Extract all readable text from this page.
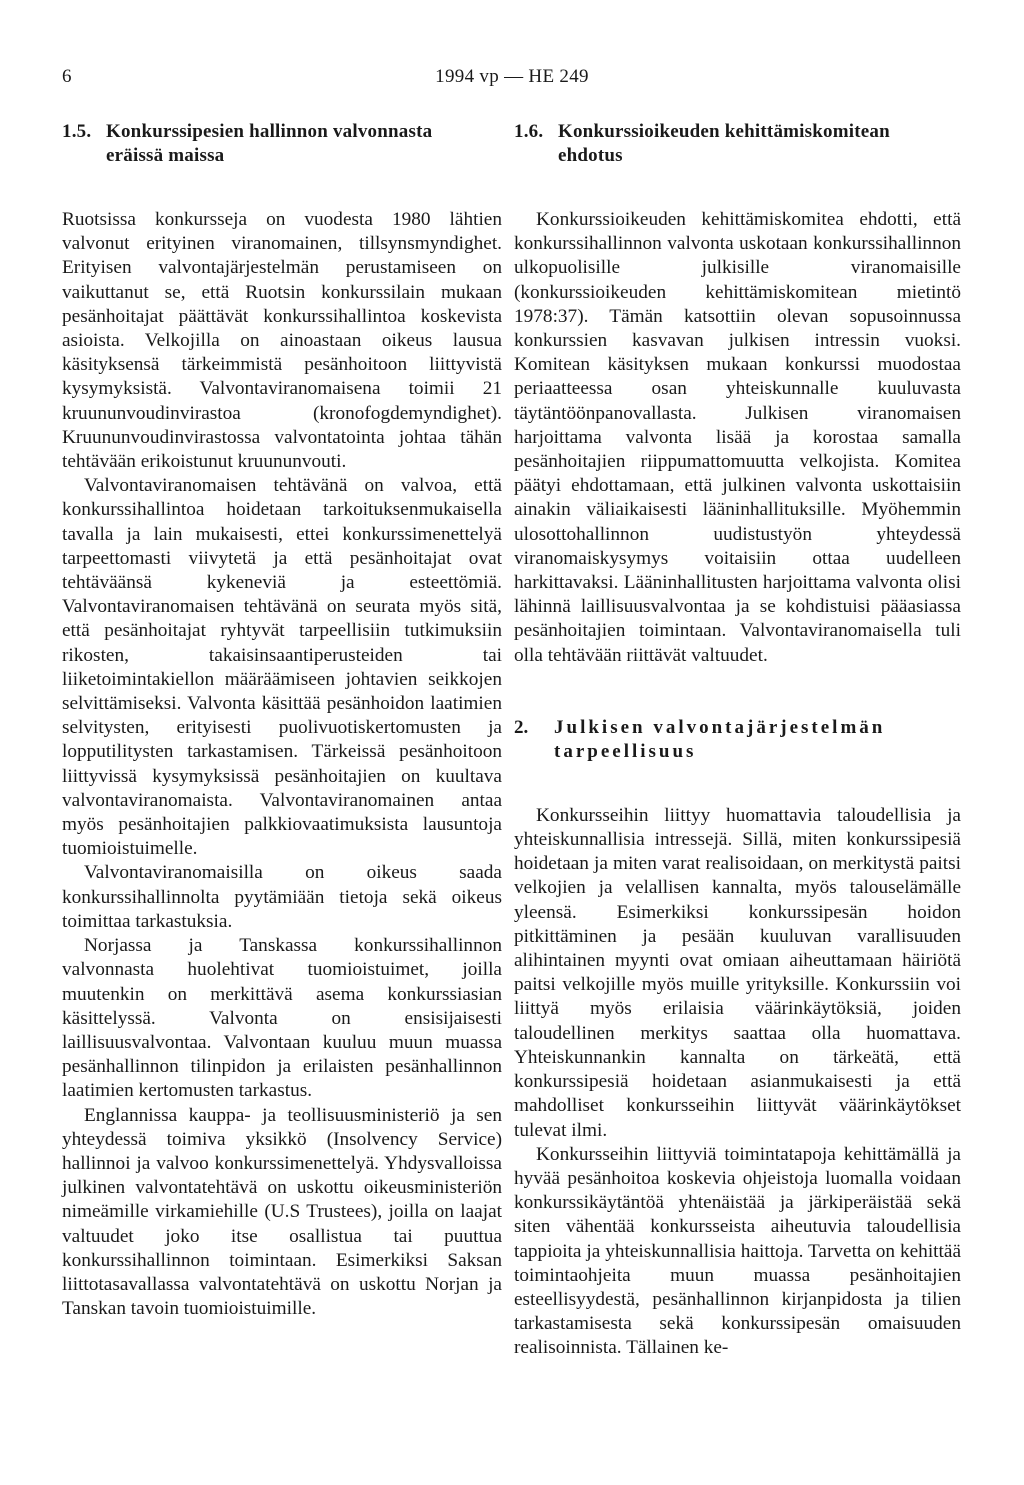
6	1994 vp — HE 249
1.5. Konkurssipesien hallinnon valvonnasta
eräissä maissa

Ruotsissa konkursseja on vuodesta 1980 lähtien valvonut erityinen viranomainen, tillsynsmyndighet. Erityisen valvontajärjestelmän perustamiseen on vaikuttanut se, että Ruotsin konkurssilain mukaan pesänhoitajat päättävät konkurssihallintoa koskevista asioista. Velkojilla on ainoastaan oikeus lausua käsityksensä tärkeimmistä pesänhoitoon liittyvistä kysymyksistä. Valvontaviranomaisena toimii 21 kruununvoudinvirastoa (kronofogdemyndighet). Kruununvoudinvirastossa valvontatointa johtaa tähän tehtävään erikoistunut kruununvouti.

Valvontaviranomaisen tehtävänä on valvoa, että konkurssihallintoa hoidetaan tarkoituksenmukaisella tavalla ja lain mukaisesti, ettei konkurssimenettelyä tarpeettomasti viivytetä ja että pesänhoitajat ovat tehtäväänsä kykeneviä ja esteettömiä. Valvontaviranomaisen tehtävänä on seurata myös sitä, että pesänhoitajat ryhtyvät tarpeellisiin tutkimuksiin rikosten, takaisinsaantiperusteiden tai liiketoimintakiellon määräämiseen johtavien seikkojen selvittämiseksi. Valvonta käsittää pesänhoidon laatimien selvitysten, erityisesti puolivuotiskertomusten ja lopputilitysten tarkastamisen. Tärkeissä pesänhoitoon liittyvissä kysymyksissä pesänhoitajien on kuultava valvontaviranomaista. Valvontaviranomainen antaa myös pesänhoitajien palkkiovaatimuksista lausuntoja tuomioistuimelle.

Valvontaviranomaisilla on oikeus saada konkurssihallinnolta pyytämiään tietoja sekä oikeus toimittaa tarkastuksia.

Norjassa ja Tanskassa konkurssihallinnon valvonnasta huolehtivat tuomioistuimet, joilla muutenkin on merkittävä asema konkurssiasian käsittelyssä. Valvonta on ensisijaisesti laillisuusvalvontaa. Valvontaan kuuluu muun muassa pesänhallinnon tilinpidon ja erilaisten pesänhallinnon laatimien kertomusten tarkastus.

Englannissa kauppa- ja teollisuusministeriö ja sen yhteydessä toimiva yksikkö (Insolvency Service) hallinnoi ja valvoo konkurssimenettelyä. Yhdysvalloissa julkinen valvontatehtävä on uskottu oikeusministeriön nimeämille virkamiehille (U.S Trustees), joilla on laajat valtuudet joko itse osallistua tai puuttua konkurssihallinnon toimintaan. Esimerkiksi Saksan liittotasavallassa valvontatehtävä on uskottu Norjan ja Tanskan tavoin tuomioistuimille.

1.6. Konkurssioikeuden kehittämiskomitean
ehdotus

Konkurssioikeuden kehittämiskomitea ehdotti, että konkurssihallinnon valvonta uskotaan konkurssihallinnon ulkopuolisille julkisille viranomaisille (konkurssioikeuden kehittämiskomitean mietintö 1978:37). Tämän katsottiin olevan sopusoinnussa konkurssien kasvavan julkisen intressin vuoksi. Komitean käsityksen mukaan konkurssi muodostaa periaatteessa osan yhteiskunnalle kuuluvasta täytäntöönpanovallasta. Julkisen viranomaisen harjoittama valvonta lisää ja korostaa samalla pesänhoitajien riippumattomuutta velkojista. Komitea päätyi ehdottamaan, että julkinen valvonta uskottaisiin ainakin väliaikaisesti lääninhallituksille. Myöhemmin ulosottohallinnon uudistustyön yhteydessä viranomaiskysymys voitaisiin ottaa uudelleen harkittavaksi. Lääninhallitusten harjoittama valvonta olisi lähinnä laillisuusvalvontaa ja se kohdistuisi pääasiassa pesänhoitajien toimintaan. Valvontaviranomaisella tuli olla tehtävään riittävät valtuudet.

2. Julkisen valvontajärjestelmän
tarpeellisuus

Konkursseihin liittyy huomattavia taloudellisia ja yhteiskunnallisia intressejä. Sillä, miten konkurssipesiä hoidetaan ja miten varat realisoidaan, on merkitystä paitsi velkojien ja velallisen kannalta, myös talouselämälle yleensä. Esimerkiksi konkurssipesän hoidon pitkittäminen ja pesään kuuluvan varallisuuden alihintainen myynti ovat omiaan aiheuttamaan häiriötä paitsi velkojille myös muille yrityksille. Konkurssiin voi liittyä myös erilaisia väärinkäytöksiä, joiden taloudellinen merkitys saattaa olla huomattava. Yhteiskunnankin kannalta on tärkeätä, että konkurssipesiä hoidetaan asianmukaisesti ja että mahdolliset konkursseihin liittyvät väärinkäytökset tulevat ilmi.

Konkursseihin liittyviä toimintatapoja kehittämällä ja hyvää pesänhoitoa koskevia ohjeistoja luomalla voidaan konkurssikäytäntöä yhtenäistää ja järkiperäistää sekä siten vähentää konkursseista aiheutuvia taloudellisia tappioita ja yhteiskunnallisia haittoja. Tarvetta on kehittää toimintaohjeita muun muassa pesänhoitajien esteellisyydestä, pesänhallinnon kirjanpidosta ja tilien tarkastamisesta sekä konkurssipesän omaisuuden realisoinnista. Tällainen ke-
